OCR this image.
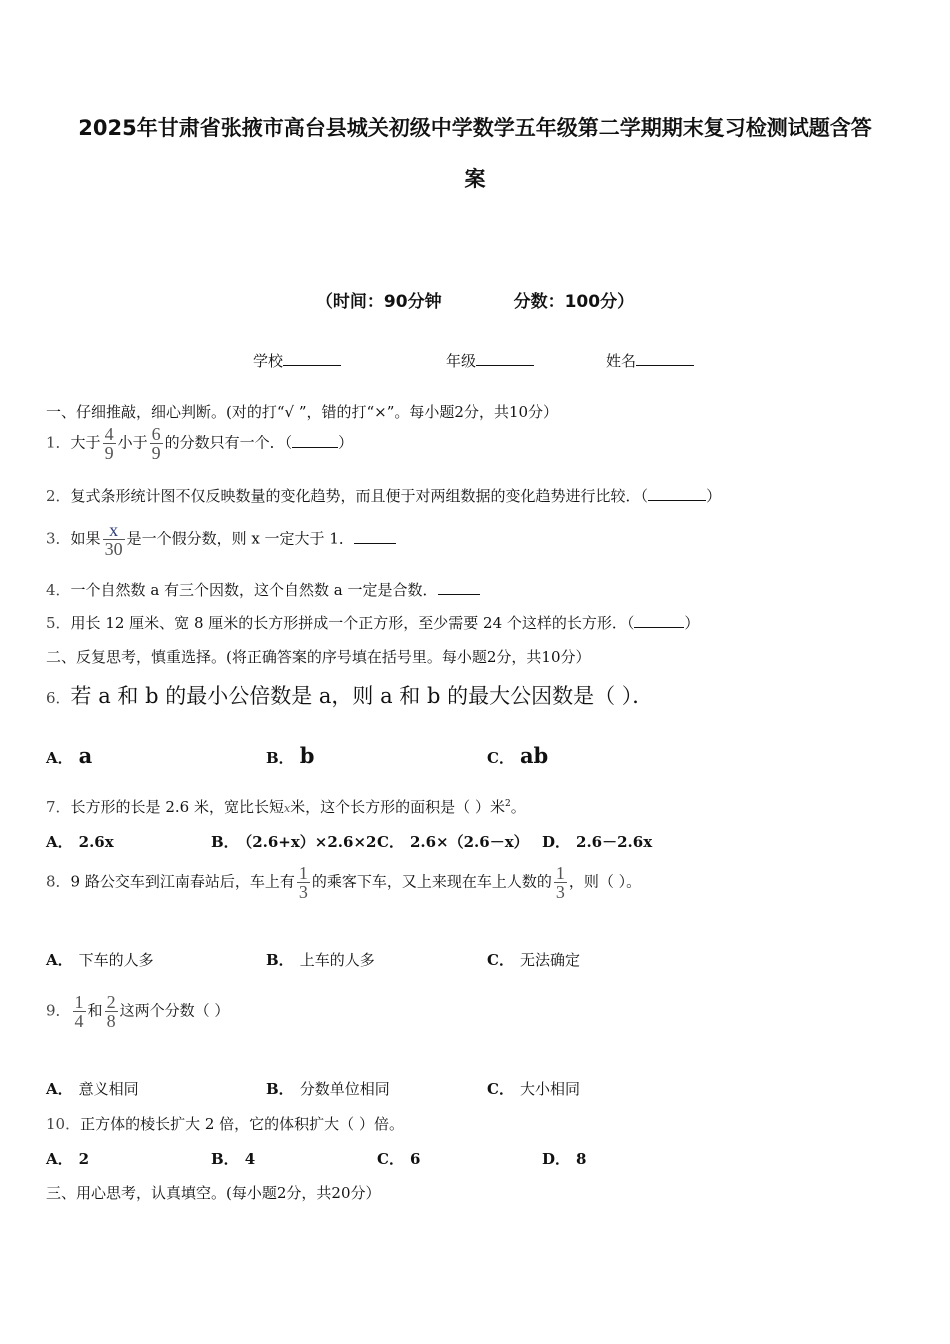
2025年甘肃省张掖市高台县城关初级中学数学五年级第二学期期末复习检测试题含答
案
（时间：90分钟	分数：100分）
学校	年级	姓名
一、仔细推敲，细心判断。(对的打“√ ”，错的打“×”。每小题2分，共10分）
1．大于 $\frac{4}{9}$ 小于 $\frac{6}{9}$ 的分数只有一个．（	）
2．复式条形统计图不仅反映数量的变化趋势，而且便于对两组数据的变化趋势进行比较．（	）
3．如果 $\frac{x}{30}$ 是一个假分数，则 x 一定大于 1．
4．一个自然数 a 有三个因数，这个自然数 a 一定是合数．
5．用长 12 厘米、宽 8 厘米的长方形拼成一个正方形，至少需要 24 个这样的长方形．（	）
二、反复思考，慎重选择。(将正确答案的序号填在括号里。每小题2分，共10分）
6．若 a 和 b 的最小公倍数是 a，则 a 和 b 的最大公因数是（ ）．
A． a	B． b	C． ab
7．长方形的长是 2.6 米，宽比长短x米，这个长方形的面积是（ ）米$^2$。
A． 2.6x	B． （2.6+x）×2.6×2 C． 2.6×（2.6－x） D． 2.6－2.6x
8．9 路公交车到江南春站后，车上有 $\frac{1}{3}$ 的乘客下车，又上来现在车上人数的 $\frac{1}{3}$ ，则（ ）。
A． 下车的人多	B． 上车的人多	C． 无法确定
9． $\frac{1}{4}$ 和 $\frac{2}{8}$ 这两个分数（ ）
A． 意义相同	B． 分数单位相同	C． 大小相同
10．正方体的棱长扩大 2 倍，它的体积扩大（ ）倍。
A． 2	B． 4	C． 6	D． 8
三、用心思考，认真填空。(每小题2分，共20分）
